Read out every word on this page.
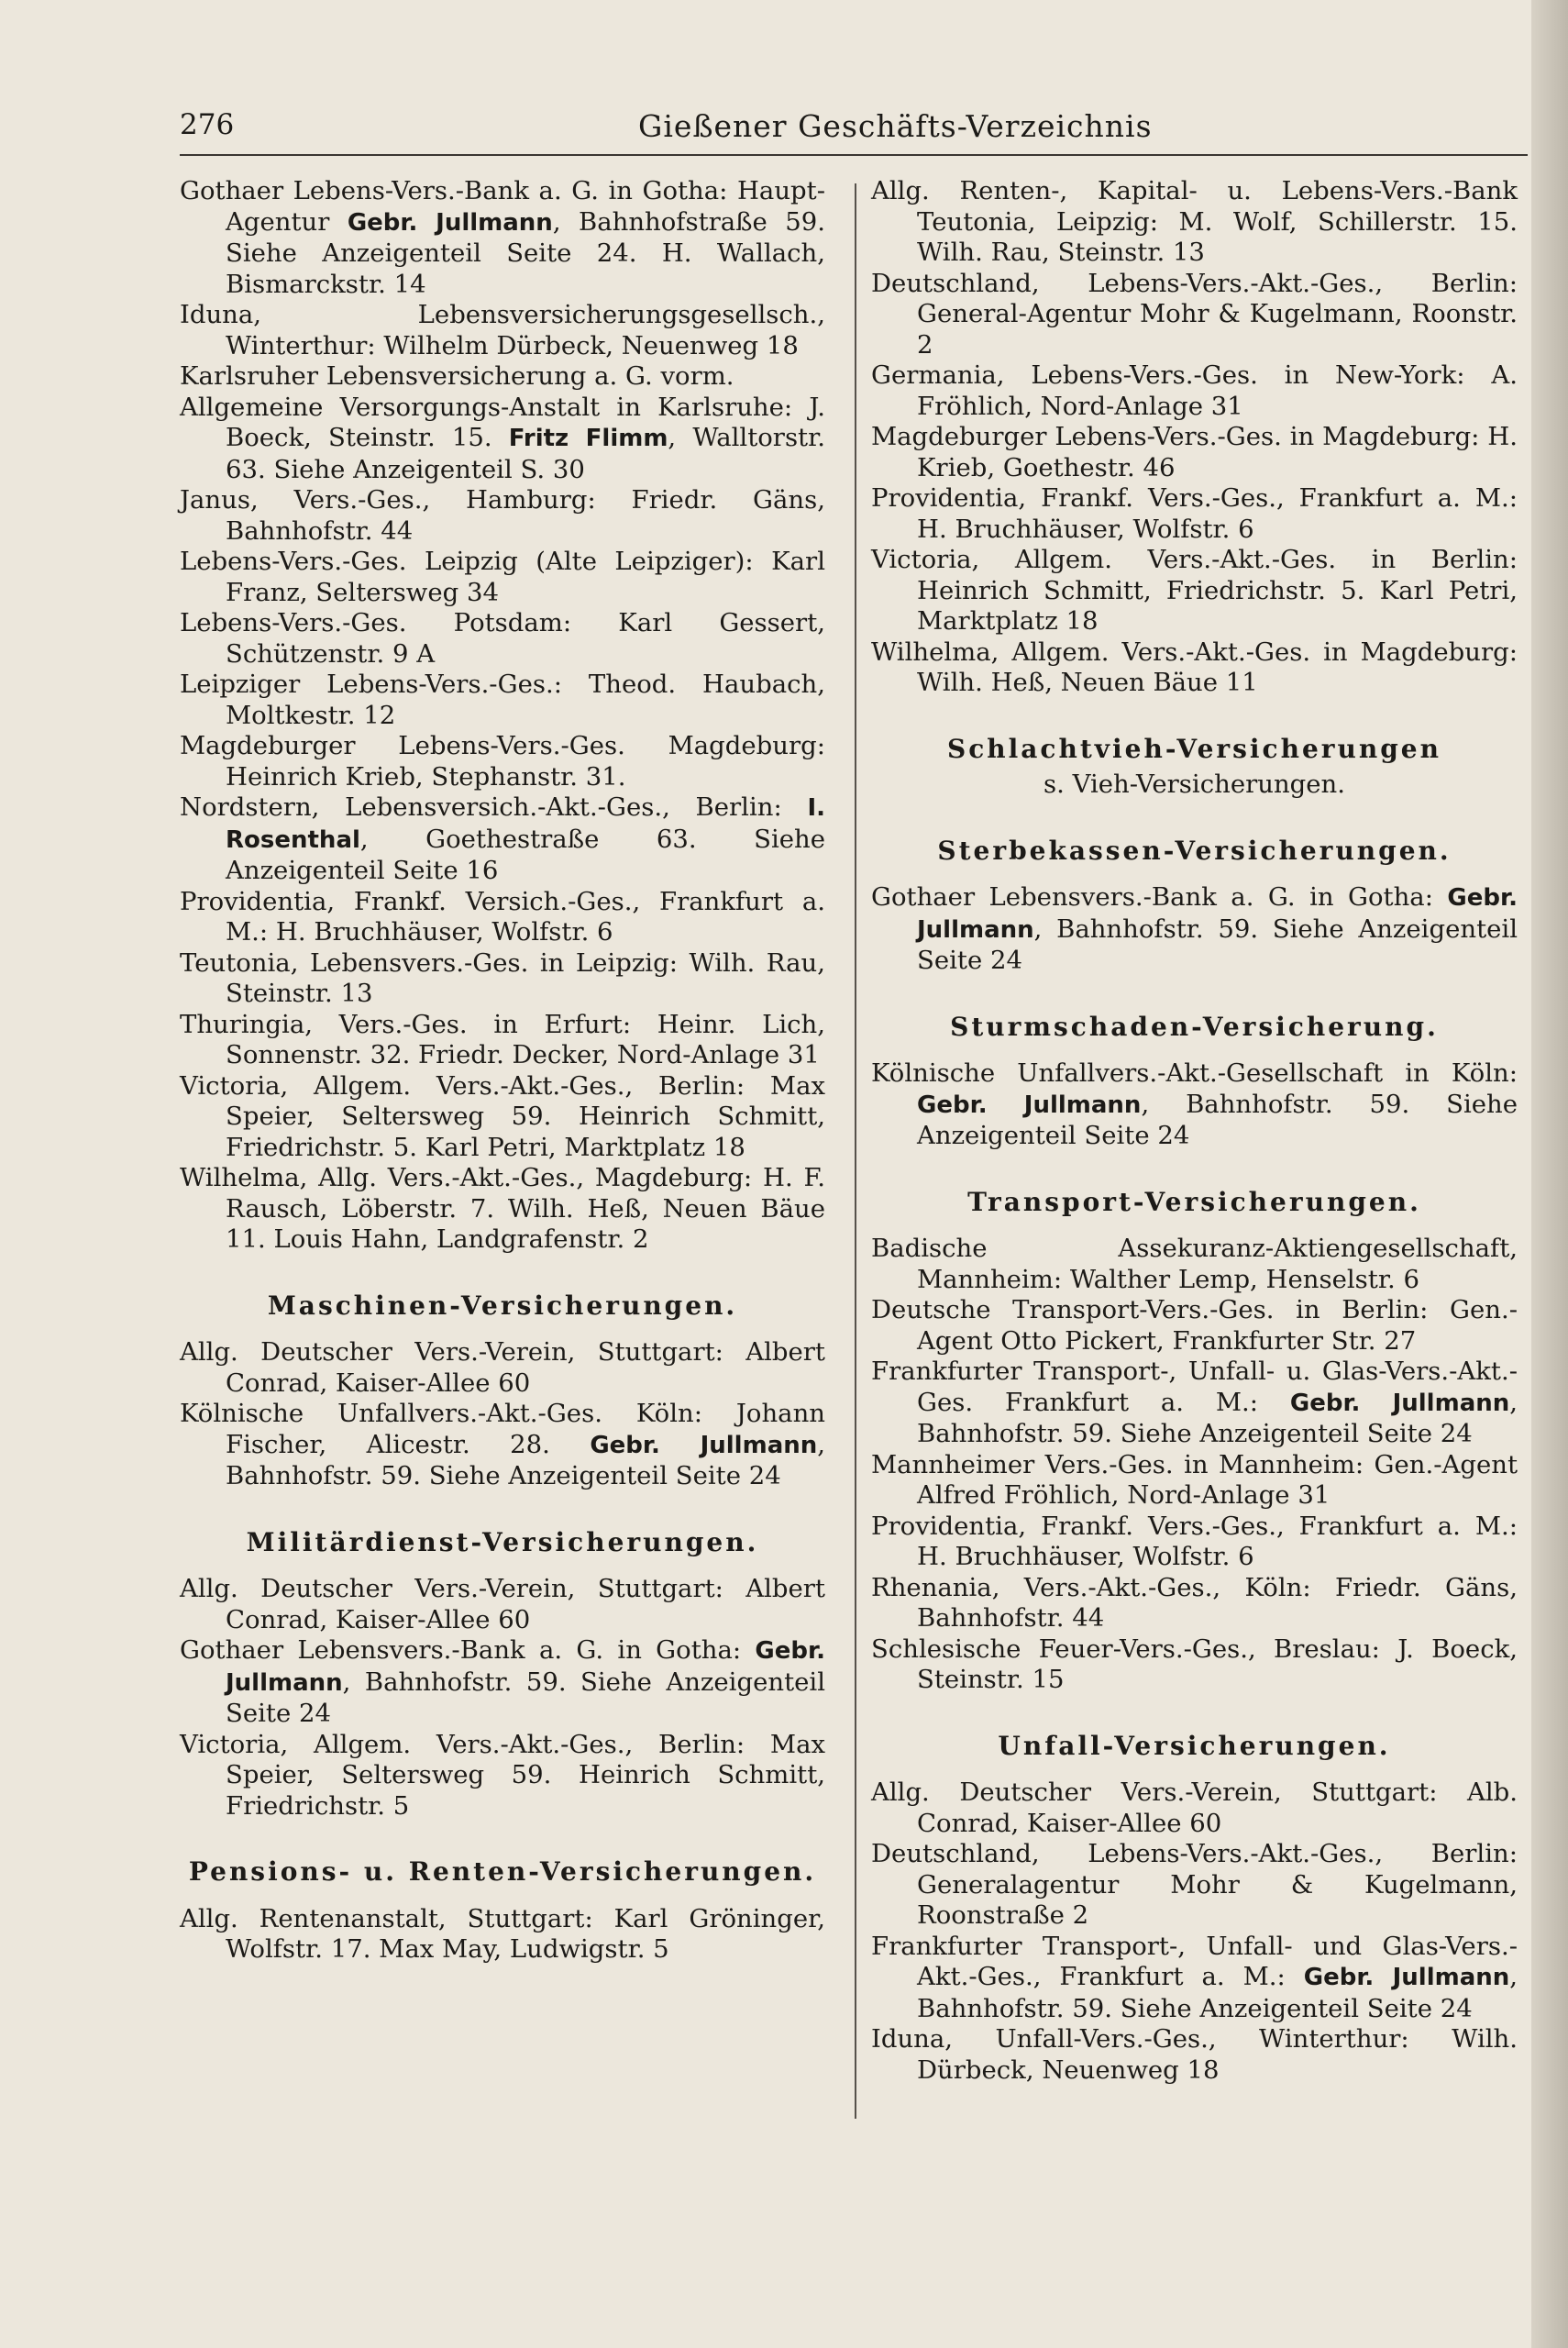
276	Gießener Geschäfts-Verzeichnis

Gothaer Lebens-Vers.-Bank a. G. in Gotha: Haupt-Agentur Gebr. Jullmann, Bahnhofstraße 59. Siehe Anzeigenteil Seite 24. H. Wallach, Bismarckstr. 14

Iduna, Lebensversicherungsgesellsch., Winterthur: Wilhelm Dürbeck, Neuenweg 18

Karlsruher Lebensversicherung a. G. vorm.

Allgemeine Versorgungs-Anstalt in Karlsruhe: J. Boeck, Steinstr. 15. Fritz Flimm, Walltorstr. 63. Siehe Anzeigenteil S. 30

Janus, Vers.-Ges., Hamburg: Friedr. Gäns, Bahnhofstr. 44

Lebens-Vers.-Ges. Leipzig (Alte Leipziger): Karl Franz, Seltersweg 34

Lebens-Vers.-Ges. Potsdam: Karl Gessert, Schützenstr. 9 A

Leipziger Lebens-Vers.-Ges.: Theod. Haubach, Moltkestr. 12

Magdeburger Lebens-Vers.-Ges. Magdeburg: Heinrich Krieb, Stephanstr. 31.

Nordstern, Lebensversich.-Akt.-Ges., Berlin: I. Rosenthal, Goethestraße 63. Siehe Anzeigenteil Seite 16

Providentia, Frankf. Versich.-Ges., Frankfurt a. M.: H. Bruchhäuser, Wolfstr. 6

Teutonia, Lebensvers.-Ges. in Leipzig: Wilh. Rau, Steinstr. 13

Thuringia, Vers.-Ges. in Erfurt: Heinr. Lich, Sonnenstr. 32. Friedr. Decker, Nord-Anlage 31

Victoria, Allgem. Vers.-Akt.-Ges., Berlin: Max Speier, Seltersweg 59. Heinrich Schmitt, Friedrichstr. 5. Karl Petri, Marktplatz 18

Wilhelma, Allg. Vers.-Akt.-Ges., Magdeburg: H. F. Rausch, Löberstr. 7. Wilh. Heß, Neuen Bäue 11. Louis Hahn, Landgrafenstr. 2

Maschinen-Versicherungen.

Allg. Deutscher Vers.-Verein, Stuttgart: Albert Conrad, Kaiser-Allee 60

Kölnische Unfallvers.-Akt.-Ges. Köln: Johann Fischer, Alicestr. 28. Gebr. Jullmann, Bahnhofstr. 59. Siehe Anzeigenteil Seite 24

Militärdienst-Versicherungen.

Allg. Deutscher Vers.-Verein, Stuttgart: Albert Conrad, Kaiser-Allee 60

Gothaer Lebensvers.-Bank a. G. in Gotha: Gebr. Jullmann, Bahnhofstr. 59. Siehe Anzeigenteil Seite 24

Victoria, Allgem. Vers.-Akt.-Ges., Berlin: Max Speier, Seltersweg 59. Heinrich Schmitt, Friedrichstr. 5

Pensions- u. Renten-Versicherungen.

Allg. Rentenanstalt, Stuttgart: Karl Gröninger, Wolfstr. 17. Max May, Ludwigstr. 5

Allg. Renten-, Kapital- u. Lebens-Vers.-Bank Teutonia, Leipzig: M. Wolf, Schillerstr. 15. Wilh. Rau, Steinstr. 13

Deutschland, Lebens-Vers.-Akt.-Ges., Berlin: General-Agentur Mohr & Kugelmann, Roonstr. 2

Germania, Lebens-Vers.-Ges. in New-York: A. Fröhlich, Nord-Anlage 31

Magdeburger Lebens-Vers.-Ges. in Magdeburg: H. Krieb, Goethestr. 46

Providentia, Frankf. Vers.-Ges., Frankfurt a. M.: H. Bruchhäuser, Wolfstr. 6

Victoria, Allgem. Vers.-Akt.-Ges. in Berlin: Heinrich Schmitt, Friedrichstr. 5. Karl Petri, Marktplatz 18

Wilhelma, Allgem. Vers.-Akt.-Ges. in Magdeburg: Wilh. Heß, Neuen Bäue 11

Schlachtvieh-Versicherungen

s. Vieh-Versicherungen.

Sterbekassen-Versicherungen.

Gothaer Lebensvers.-Bank a. G. in Gotha: Gebr. Jullmann, Bahnhofstr. 59. Siehe Anzeigenteil Seite 24

Sturmschaden-Versicherung.

Kölnische Unfallvers.-Akt.-Gesellschaft in Köln: Gebr. Jullmann, Bahnhofstr. 59. Siehe Anzeigenteil Seite 24

Transport-Versicherungen.

Badische Assekuranz-Aktiengesellschaft, Mannheim: Walther Lemp, Henselstr. 6

Deutsche Transport-Vers.-Ges. in Berlin: Gen.-Agent Otto Pickert, Frankfurter Str. 27

Frankfurter Transport-, Unfall- u. Glas-Vers.-Akt.-Ges. Frankfurt a. M.: Gebr. Jullmann, Bahnhofstr. 59. Siehe Anzeigenteil Seite 24

Mannheimer Vers.-Ges. in Mannheim: Gen.-Agent Alfred Fröhlich, Nord-Anlage 31

Providentia, Frankf. Vers.-Ges., Frankfurt a. M.: H. Bruchhäuser, Wolfstr. 6

Rhenania, Vers.-Akt.-Ges., Köln: Friedr. Gäns, Bahnhofstr. 44

Schlesische Feuer-Vers.-Ges., Breslau: J. Boeck, Steinstr. 15

Unfall-Versicherungen.

Allg. Deutscher Vers.-Verein, Stuttgart: Alb. Conrad, Kaiser-Allee 60

Deutschland, Lebens-Vers.-Akt.-Ges., Berlin: Generalagentur Mohr & Kugelmann, Roonstraße 2

Frankfurter Transport-, Unfall- und Glas-Vers.-Akt.-Ges., Frankfurt a. M.: Gebr. Jullmann, Bahnhofstr. 59. Siehe Anzeigenteil Seite 24

Iduna, Unfall-Vers.-Ges., Winterthur: Wilh. Dürbeck, Neuenweg 18
